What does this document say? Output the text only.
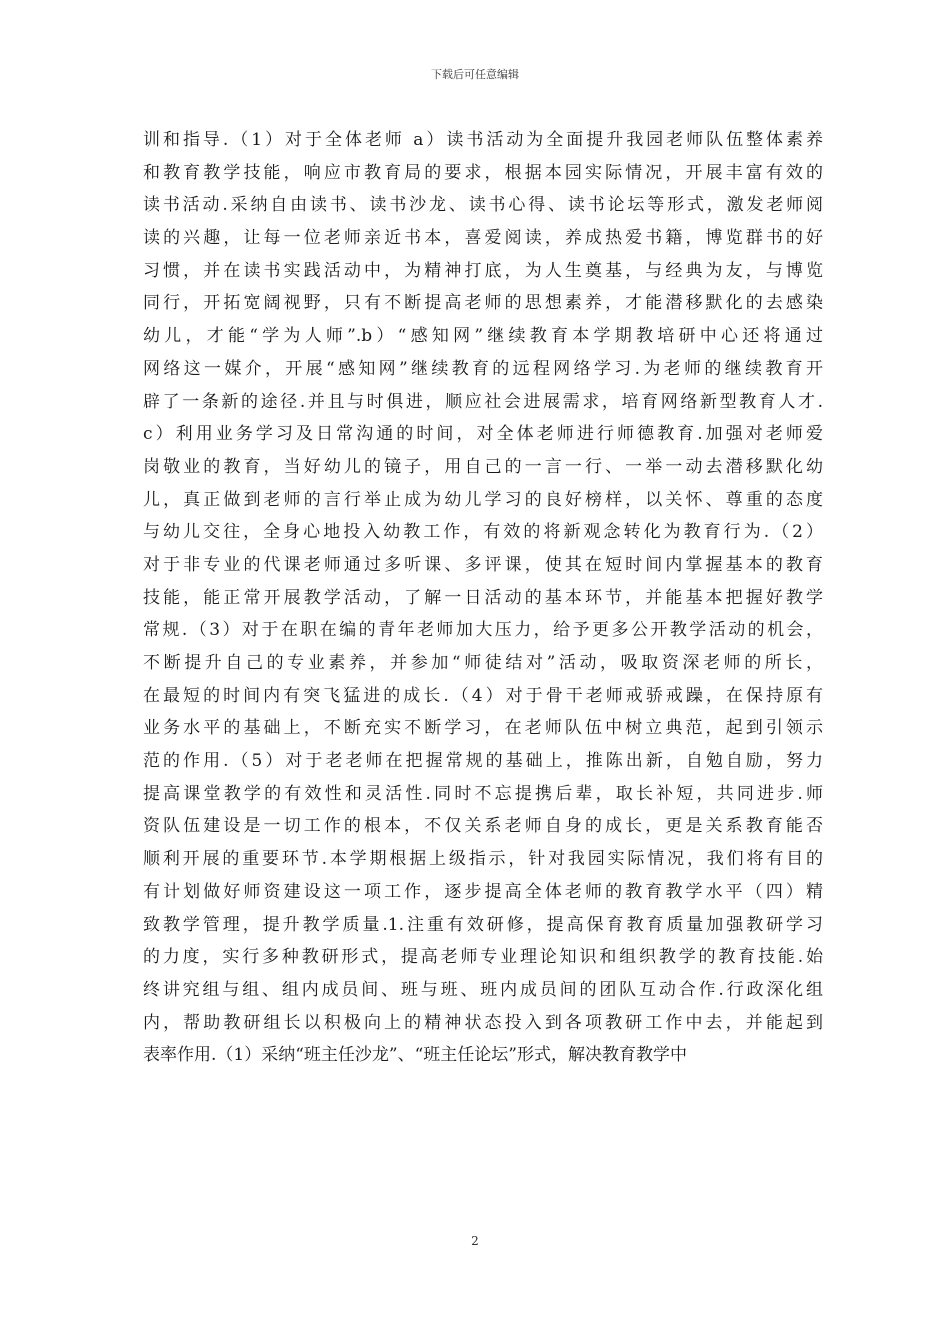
下载后可任意编辑
训和指导.（1）对于全体老师 a）读书活动为全面提升我园老师队伍整体素养
和教育教学技能，响应市教育局的要求，根据本园实际情况，开展丰富有效的
读书活动.采纳自由读书、读书沙龙、读书心得、读书论坛等形式，激发老师阅
读的兴趣，让每一位老师亲近书本，喜爱阅读，养成热爱书籍，博览群书的好
习惯，并在读书实践活动中，为精神打底，为人生奠基，与经典为友，与博览
同行，开拓宽阔视野，只有不断提高老师的思想素养，才能潜移默化的去感染
幼儿，才能“学为人师”.b）“感知网”继续教育本学期教培研中心还将通过
网络这一媒介，开展“感知网”继续教育的远程网络学习.为老师的继续教育开
辟了一条新的途径.并且与时俱进，顺应社会进展需求，培育网络新型教育人才.
c）利用业务学习及日常沟通的时间，对全体老师进行师德教育.加强对老师爱
岗敬业的教育，当好幼儿的镜子，用自己的一言一行、一举一动去潜移默化幼
儿，真正做到老师的言行举止成为幼儿学习的良好榜样，以关怀、尊重的态度
与幼儿交往，全身心地投入幼教工作，有效的将新观念转化为教育行为.（2）
对于非专业的代课老师通过多听课、多评课，使其在短时间内掌握基本的教育
技能，能正常开展教学活动，了解一日活动的基本环节，并能基本把握好教学
常规.（3）对于在职在编的青年老师加大压力，给予更多公开教学活动的机会，
不断提升自己的专业素养，并参加“师徒结对”活动，吸取资深老师的所长，
在最短的时间内有突飞猛进的成长.（4）对于骨干老师戒骄戒躁，在保持原有
业务水平的基础上，不断充实不断学习，在老师队伍中树立典范，起到引领示
范的作用.（5）对于老老师在把握常规的基础上，推陈出新，自勉自励，努力
提高课堂教学的有效性和灵活性.同时不忘提携后辈，取长补短，共同进步.师
资队伍建设是一切工作的根本，不仅关系老师自身的成长，更是关系教育能否
顺利开展的重要环节.本学期根据上级指示，针对我园实际情况，我们将有目的
有计划做好师资建设这一项工作，逐步提高全体老师的教育教学水平（四）精
致教学管理，提升教学质量.1.注重有效研修，提高保育教育质量加强教研学习
的力度，实行多种教研形式，提高老师专业理论知识和组织教学的教育技能.始
终讲究组与组、组内成员间、班与班、班内成员间的团队互动合作.行政深化组
内，帮助教研组长以积极向上的精神状态投入到各项教研工作中去，并能起到
表率作用.（1）采纳“班主任沙龙”、“班主任论坛”形式，解决教育教学中
2
